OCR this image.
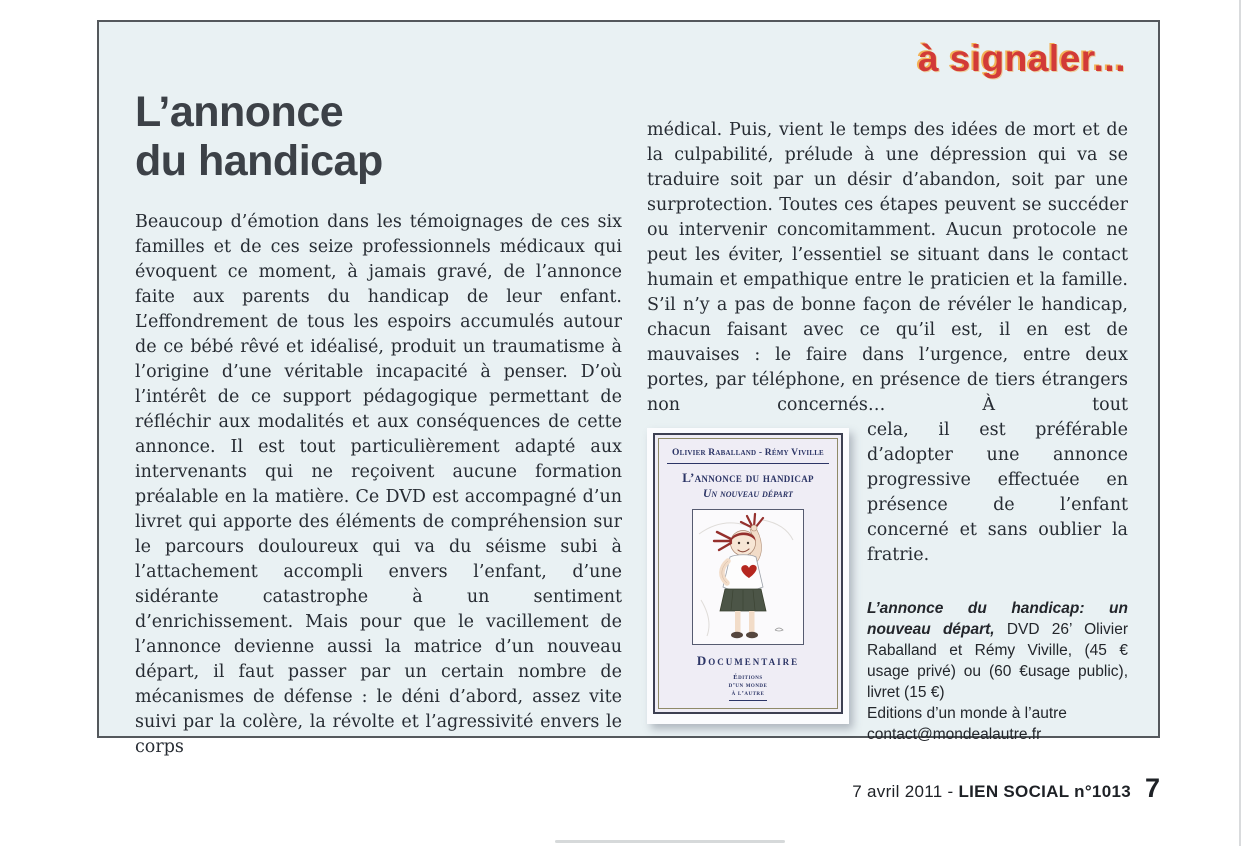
à signaler...
L’annonce
du handicap

Beaucoup d’émotion dans les témoignages de ces six familles et de ces seize professionnels médicaux qui évoquent ce moment, à jamais gravé, de l’annonce faite aux parents du handicap de leur enfant. L’effondrement de tous les espoirs accumulés autour de ce bébé rêvé et idéalisé, produit un traumatisme à l’origine d’une véritable incapacité à penser. D’où l’intérêt de ce support pédagogique permettant de réfléchir aux modalités et aux conséquences de cette annonce. Il est tout particulièrement adapté aux intervenants qui ne reçoivent aucune formation préalable en la matière. Ce DVD est accompagné d’un livret qui apporte des éléments de compréhension sur le parcours douloureux qui va du séisme subi à l’attachement accompli envers l’enfant, d’une sidérante catastrophe à un sentiment d’enrichissement. Mais pour que le vacillement de l’annonce devienne aussi la matrice d’un nouveau départ, il faut passer par un certain nombre de mécanismes de défense : le déni d’abord, assez vite suivi par la colère, la révolte et l’agressivité envers le corps

médical. Puis, vient le temps des idées de mort et de la culpabilité, prélude à une dépression qui va se traduire soit par un désir d’abandon, soit par une surprotection. Toutes ces étapes peuvent se succéder ou intervenir concomitamment. Aucun protocole ne peut les éviter, l’essentiel se situant dans le contact humain et empathique entre le praticien et la famille. S’il n’y a pas de bonne façon de révéler le handicap, chacun faisant avec ce qu’il est, il en est de mauvaises : le faire dans l’urgence, entre deux portes, par téléphone, en présence de tiers étrangers non concernés… À tout

Olivier Raballand - Rémy Viville
L’annonce du handicap
Un nouveau départ
Documentaire
Éditions
d’un monde
à l’autre

cela, il est préférable d’adopter une annonce progressive effectuée en présence de l’enfant concerné et sans oublier la fratrie.

L’annonce du handicap: un nouveau départ, DVD 26’ Olivier Raballand et Rémy Viville, (45 € usage privé) ou (60 €usage public), livret (15 €)
Editions d’un monde à l’autre
contact@mondealautre.fr
7 avril 2011 - LIEN SOCIAL n°1013 7
